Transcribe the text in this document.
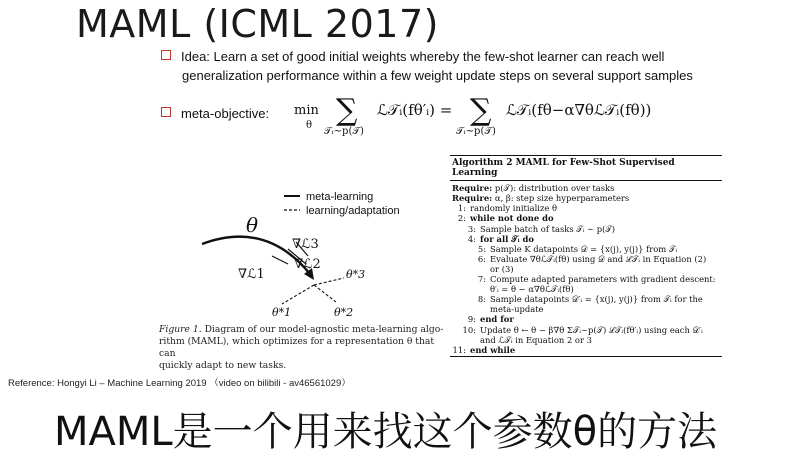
MAML (ICML 2017)
Idea: Learn a set of good initial weights whereby the few-shot learner can reach well
generalization performance within a few weight update steps on several support samples
meta-objective: min
θ ∑
𝒯ᵢ∼p(𝒯)
ℒ𝒯ᵢ(fθ′ᵢ) = ∑
𝒯ᵢ∼p(𝒯)
ℒ𝒯ᵢ(fθ−α∇θℒ𝒯ᵢ(fθ))
meta-learning
learning/adaptation
θ
∇ℒ3
∇ℒ2
∇ℒ1	θ*3
θ*2
θ*1
Figure 1. Diagram of our model-agnostic meta-learning algo-
rithm (MAML), which optimizes for a representation θ that can
quickly adapt to new tasks.
Algorithm 2 MAML for Few-Shot Supervised Learning
Require: p(𝒯): distribution over tasks
Require: α, β: step size hyperparameters
1: randomly initialize θ
2: while not done do
3: Sample batch of tasks 𝒯ᵢ ∼ p(𝒯)
4: for all 𝒯ᵢ do
5: Sample K datapoints 𝒟 = {x(j), y(j)} from 𝒯ᵢ
6: Evaluate ∇θℒ𝒯ᵢ(fθ) using 𝒟 and ℒ𝒯ᵢ in Equation (2)
or (3)
7: Compute adapted parameters with gradient descent:
θ′ᵢ = θ − α∇θℒ𝒯ᵢ(fθ)
8: Sample datapoints 𝒟′ᵢ = {x(j), y(j)} from 𝒯ᵢ for the
meta-update
9: end for
10: Update θ ← θ − β∇θ Σ𝒯ᵢ∼p(𝒯) ℒ𝒯ᵢ(fθ′ᵢ) using each 𝒟′ᵢ
and ℒ𝒯ᵢ in Equation 2 or 3
11: end while
Reference: Hongyi Li – Machine Learning 2019 （video on bilibili - av46561029）
MAML是一个用来找这个参数θ的方法
